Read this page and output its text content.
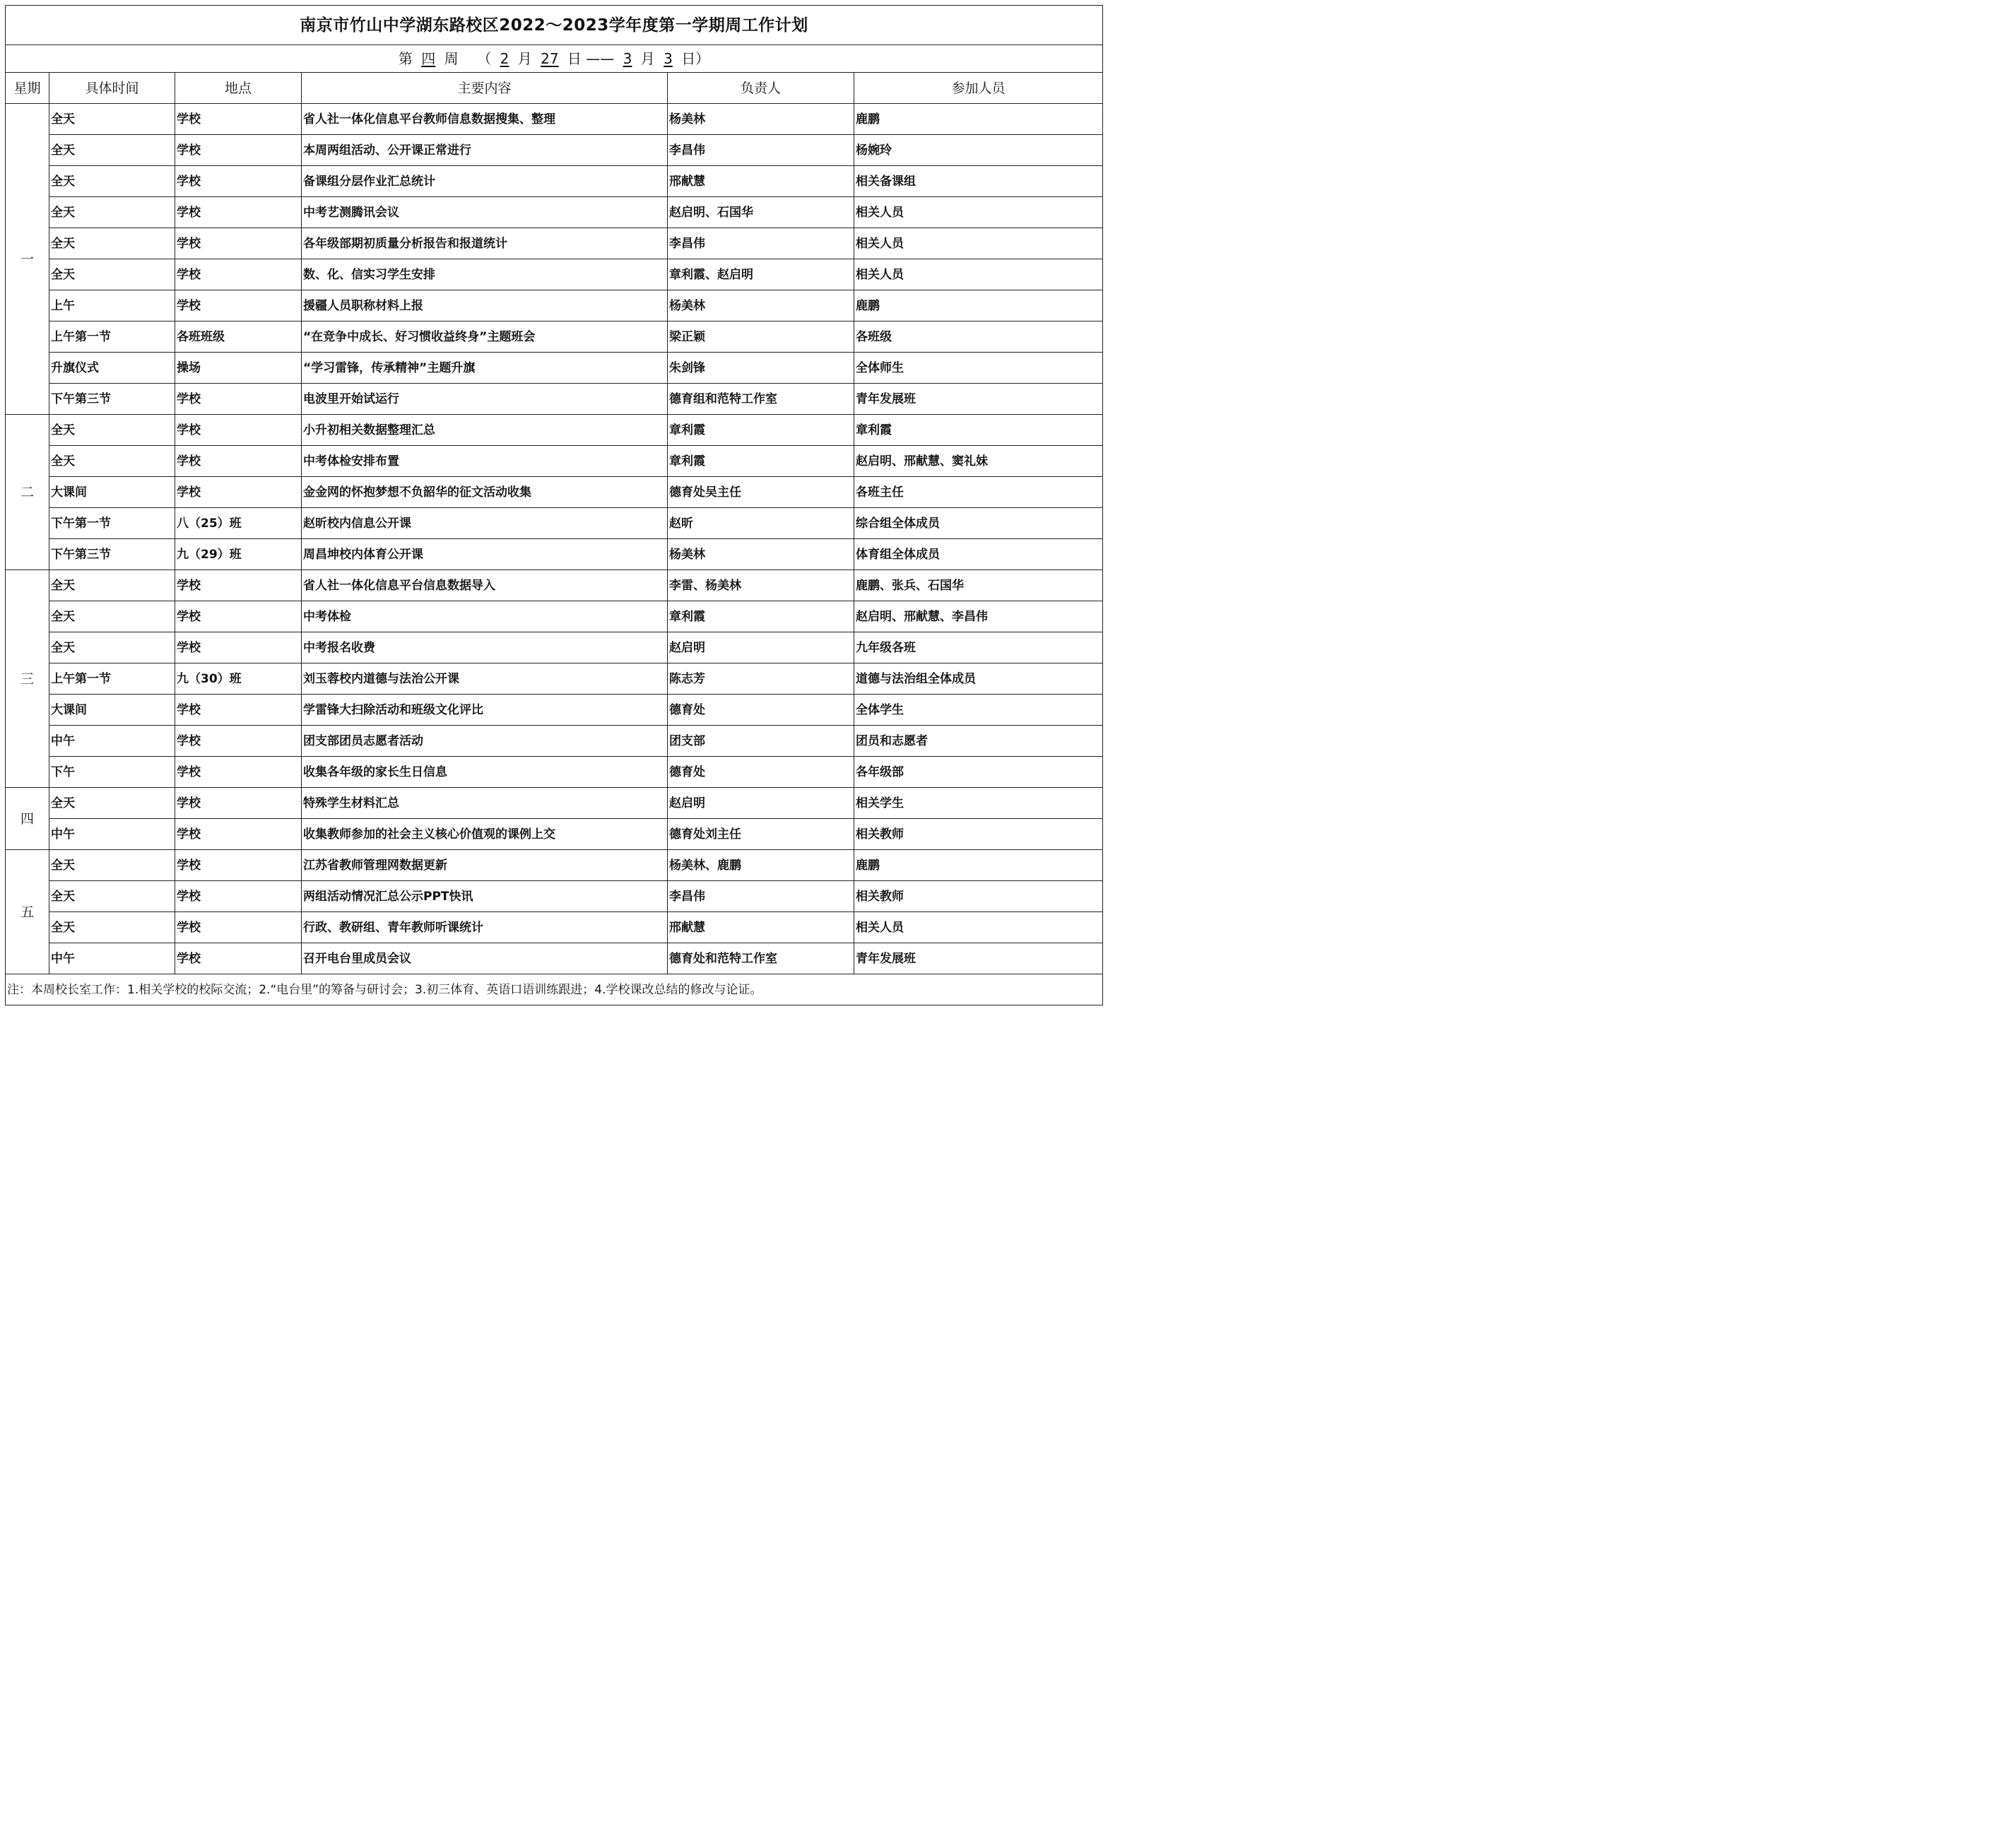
南京市竹山中学湖东路校区2022～2023学年度第一学期周工作计划					
第 四 周 （ 2 月 27 日 —— 3 月 3 日）					
星期	具体时间	地点	主要内容	负责人	参加人员
一	全天	学校	省人社一体化信息平台教师信息数据搜集、整理	杨美林	鹿鹏
	全天	学校	本周两组活动、公开课正常进行	李昌伟	杨婉玲
	全天	学校	备课组分层作业汇总统计	邢献慧	相关备课组
	全天	学校	中考艺测腾讯会议	赵启明、石国华	相关人员
	全天	学校	各年级部期初质量分析报告和报道统计	李昌伟	相关人员
	全天	学校	数、化、信实习学生安排	章利霞、赵启明	相关人员
	上午	学校	援疆人员职称材料上报	杨美林	鹿鹏
	上午第一节	各班班级	“在竞争中成长、好习惯收益终身”主题班会	梁正颖	各班级
	升旗仪式	操场	“学习雷锋，传承精神”主题升旗	朱剑锋	全体师生
	下午第三节	学校	电波里开始试运行	德育组和范特工作室	青年发展班
二	全天	学校	小升初相关数据整理汇总	章利霞	章利霞
	全天	学校	中考体检安排布置	章利霞	赵启明、邢献慧、窦礼妹
	大课间	学校	金金网的怀抱梦想不负韶华的征文活动收集	德育处吴主任	各班主任
	下午第一节	八（25）班	赵昕校内信息公开课	赵昕	综合组全体成员
	下午第三节	九（29）班	周昌坤校内体育公开课	杨美林	体育组全体成员
三	全天	学校	省人社一体化信息平台信息数据导入	李雷、杨美林	鹿鹏、张兵、石国华
	全天	学校	中考体检	章利霞	赵启明、邢献慧、李昌伟
	全天	学校	中考报名收费	赵启明	九年级各班
	上午第一节	九（30）班	刘玉蓉校内道德与法治公开课	陈志芳	道德与法治组全体成员
	大课间	学校	学雷锋大扫除活动和班级文化评比	德育处	全体学生
	中午	学校	团支部团员志愿者活动	团支部	团员和志愿者
	下午	学校	收集各年级的家长生日信息	德育处	各年级部
四	全天	学校	特殊学生材料汇总	赵启明	相关学生
	中午	学校	收集教师参加的社会主义核心价值观的课例上交	德育处刘主任	相关教师
五	全天	学校	江苏省教师管理网数据更新	杨美林、鹿鹏	鹿鹏
	全天	学校	两组活动情况汇总公示PPT快讯	李昌伟	相关教师
	全天	学校	行政、教研组、青年教师听课统计	邢献慧	相关人员
	中午	学校	召开电台里成员会议	德育处和范特工作室	青年发展班
注：本周校长室工作：1.相关学校的校际交流；2.“电台里”的筹备与研讨会；3.初三体育、英语口语训练跟进；4.学校课改总结的修改与论证。					
